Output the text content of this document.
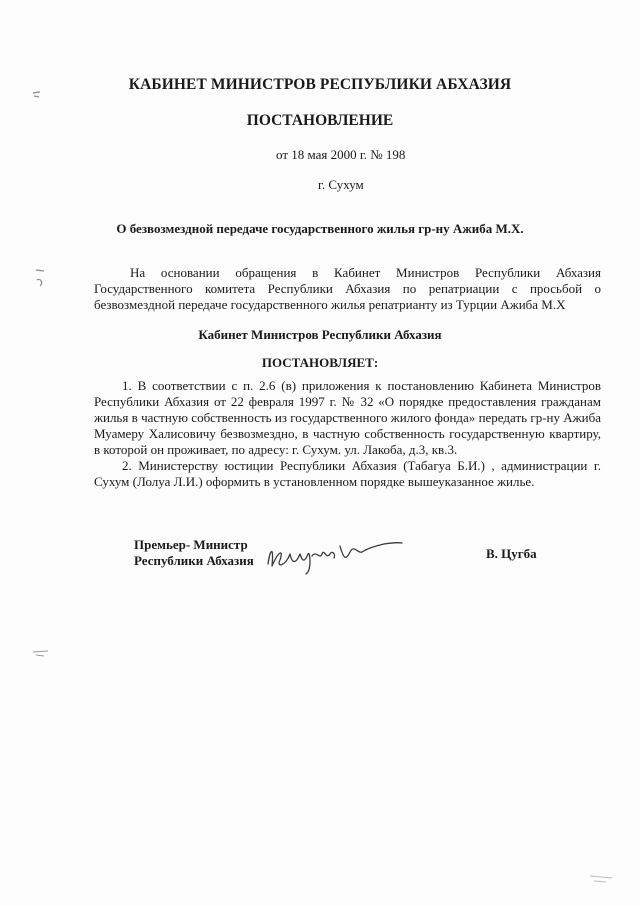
КАБИНЕТ МИНИСТРОВ РЕСПУБЛИКИ АБХАЗИЯ
ПОСТАНОВЛЕНИЕ
от 18 мая 2000 г. № 198
г. Сухум
О безвозмездной передаче государственного жилья гр-ну Ажиба М.Х.

На основании обращения в Кабинет Министров Республики Абхазия Государственного комитета Республики Абхазия по репатриации с просьбой о безвозмездной передаче государственного жилья репатрианту из Турции Ажиба М.Х

Кабинет Министров Республики Абхазия
ПОСТАНОВЛЯЕТ:

1. В соответствии с п. 2.6 (в) приложения к постановлению Кабинета Министров Республики Абхазия от 22 февраля 1997 г. № 32 «О порядке предоставления гражданам жилья в частную собственность из государственного жилого фонда» передать гр-ну Ажиба Муамеру Халисовичу безвозмездно, в частную собственность государственную квартиру, в которой он проживает, по адресу: г. Сухум. ул. Лакоба, д.3, кв.3.

2. Министерству юстиции Республики Абхазия (Табагуа Б.И.) , администрации г. Сухум (Лолуа Л.И.) оформить в установленном порядке вышеуказанное жилье.

Премьер- Министр
Республики Абхазия	В. Цугба
